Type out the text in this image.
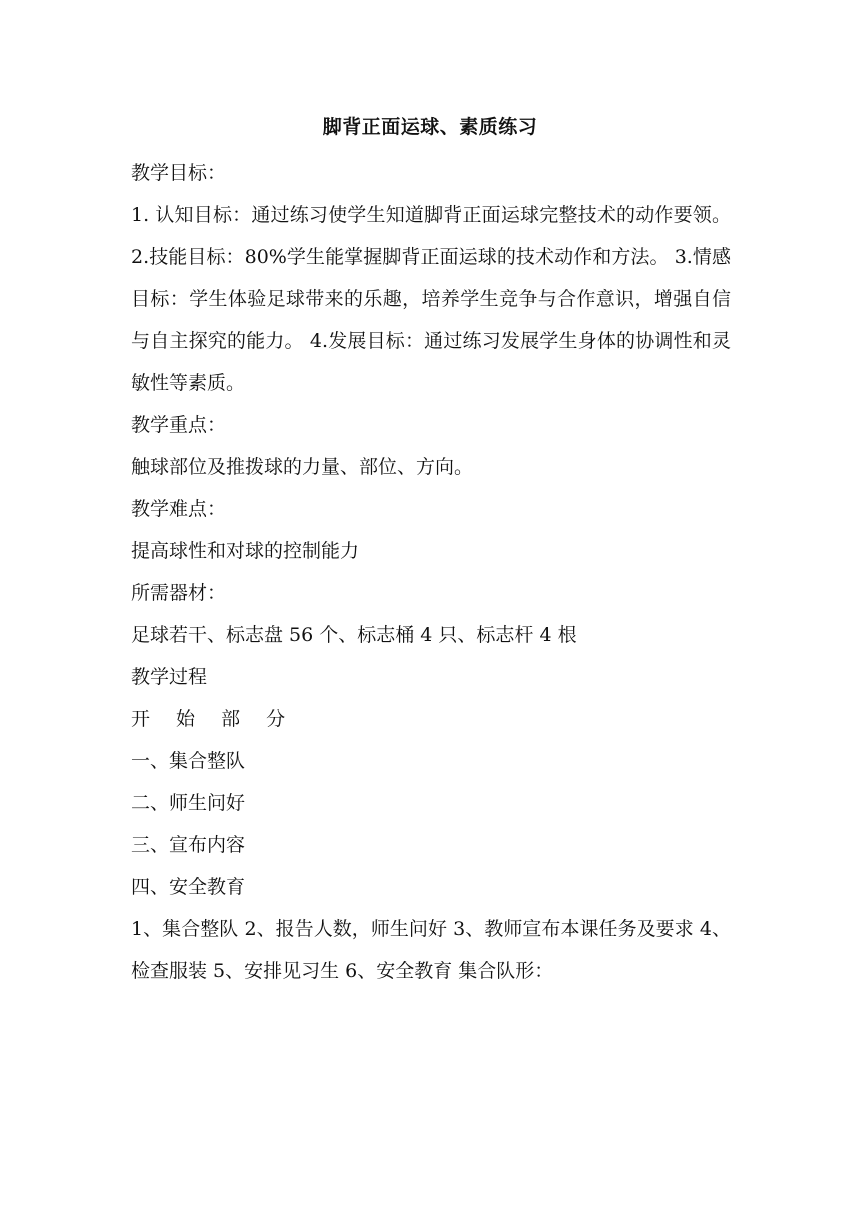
脚背正面运球、素质练习

教学目标：

1. 认知目标：通过练习使学生知道脚背正面运球完整技术的动作要领。 2.技能目标：80%学生能掌握脚背正面运球的技术动作和方法。 3.情感目标：学生体验足球带来的乐趣，培养学生竞争与合作意识，增强自信与自主探究的能力。 4.发展目标：通过练习发展学生身体的协调性和灵敏性等素质。

教学重点：

触球部位及推拨球的力量、部位、方向。

教学难点：

提高球性和对球的控制能力

所需器材：

足球若干、标志盘 56 个、标志桶 4 只、标志杆 4 根

教学过程

开 始 部 分

一、集合整队

二、师生问好

三、宣布内容

四、安全教育

1、集合整队 2、报告人数，师生问好 3、教师宣布本课任务及要求 4、检查服装 5、安排见习生 6、安全教育 集合队形：
